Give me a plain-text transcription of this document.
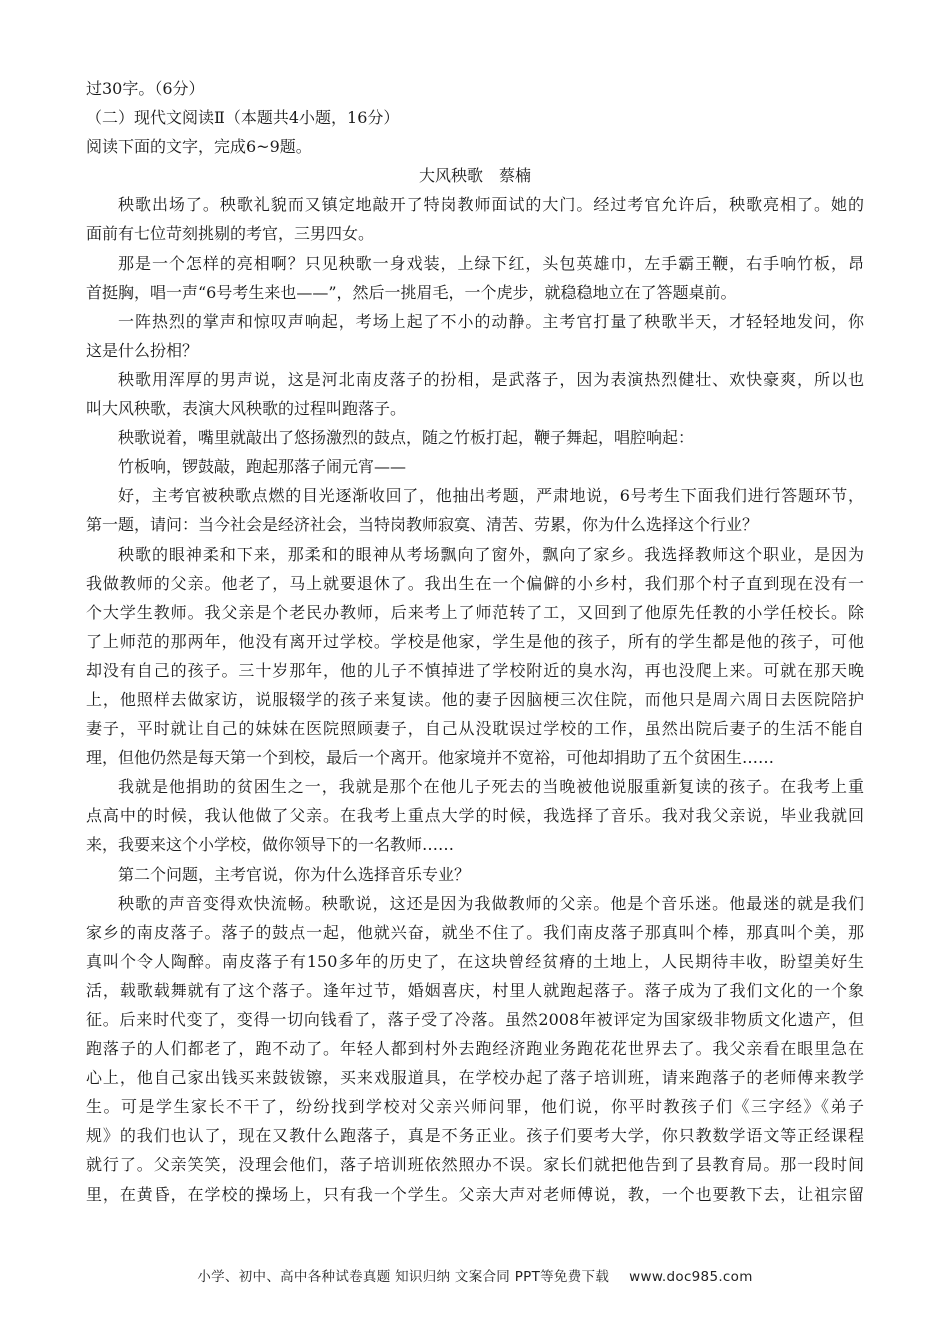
过30字。（6分）
（二）现代文阅读Ⅱ（本题共4小题，16分）
阅读下面的文字，完成6~9题。
大风秧歌　蔡楠
秧歌出场了。秧歌礼貌而又镇定地敲开了特岗教师面试的大门。经过考官允许后，秧歌亮相了。她的
面前有七位苛刻挑剔的考官，三男四女。
那是一个怎样的亮相啊？只见秧歌一身戏装，上绿下红，头包英雄巾，左手霸王鞭，右手响竹板，昂
首挺胸，唱一声“6号考生来也——”，然后一挑眉毛，一个虎步，就稳稳地立在了答题桌前。
一阵热烈的掌声和惊叹声响起，考场上起了不小的动静。主考官打量了秧歌半天，才轻轻地发问，你
这是什么扮相？
秧歌用浑厚的男声说，这是河北南皮落子的扮相，是武落子，因为表演热烈健壮、欢快豪爽，所以也
叫大风秧歌，表演大风秧歌的过程叫跑落子。
秧歌说着，嘴里就敲出了悠扬激烈的鼓点，随之竹板打起，鞭子舞起，唱腔响起：
竹板响，锣鼓敲，跑起那落子闹元宵——
好，主考官被秧歌点燃的目光逐渐收回了，他抽出考题，严肃地说，6号考生下面我们进行答题环节，
第一题，请问：当今社会是经济社会，当特岗教师寂寞、清苦、劳累，你为什么选择这个行业？
秧歌的眼神柔和下来，那柔和的眼神从考场飘向了窗外，飘向了家乡。我选择教师这个职业，是因为
我做教师的父亲。他老了，马上就要退休了。我出生在一个偏僻的小乡村，我们那个村子直到现在没有一
个大学生教师。我父亲是个老民办教师，后来考上了师范转了工，又回到了他原先任教的小学任校长。除
了上师范的那两年，他没有离开过学校。学校是他家，学生是他的孩子，所有的学生都是他的孩子，可他
却没有自己的孩子。三十岁那年，他的儿子不慎掉进了学校附近的臭水沟，再也没爬上来。可就在那天晚
上，他照样去做家访，说服辍学的孩子来复读。他的妻子因脑梗三次住院，而他只是周六周日去医院陪护
妻子，平时就让自己的妹妹在医院照顾妻子，自己从没耽误过学校的工作，虽然出院后妻子的生活不能自
理，但他仍然是每天第一个到校，最后一个离开。他家境并不宽裕，可他却捐助了五个贫困生……
我就是他捐助的贫困生之一，我就是那个在他儿子死去的当晚被他说服重新复读的孩子。在我考上重
点高中的时候，我认他做了父亲。在我考上重点大学的时候，我选择了音乐。我对我父亲说，毕业我就回
来，我要来这个小学校，做你领导下的一名教师……
第二个问题，主考官说，你为什么选择音乐专业？
秧歌的声音变得欢快流畅。秧歌说，这还是因为我做教师的父亲。他是个音乐迷。他最迷的就是我们
家乡的南皮落子。落子的鼓点一起，他就兴奋，就坐不住了。我们南皮落子那真叫个棒，那真叫个美，那
真叫个令人陶醉。南皮落子有150多年的历史了，在这块曾经贫瘠的土地上，人民期待丰收，盼望美好生
活，载歌载舞就有了这个落子。逢年过节，婚姻喜庆，村里人就跑起落子。落子成为了我们文化的一个象
征。后来时代变了，变得一切向钱看了，落子受了冷落。虽然2008年被评定为国家级非物质文化遗产，但
跑落子的人们都老了，跑不动了。年轻人都到村外去跑经济跑业务跑花花世界去了。我父亲看在眼里急在
心上，他自己家出钱买来鼓钹镲，买来戏服道具，在学校办起了落子培训班，请来跑落子的老师傅来教学
生。可是学生家长不干了，纷纷找到学校对父亲兴师问罪，他们说，你平时教孩子们《三字经》《弟子
规》的我们也认了，现在又教什么跑落子，真是不务正业。孩子们要考大学，你只教数学语文等正经课程
就行了。父亲笑笑，没理会他们，落子培训班依然照办不误。家长们就把他告到了县教育局。那一段时间
里，在黄昏，在学校的操场上，只有我一个学生。父亲大声对老师傅说，教，一个也要教下去，让祖宗留
小学、初中、高中各种试卷真题 知识归纳 文案合同 PPT等免费下载 www.doc985.com
